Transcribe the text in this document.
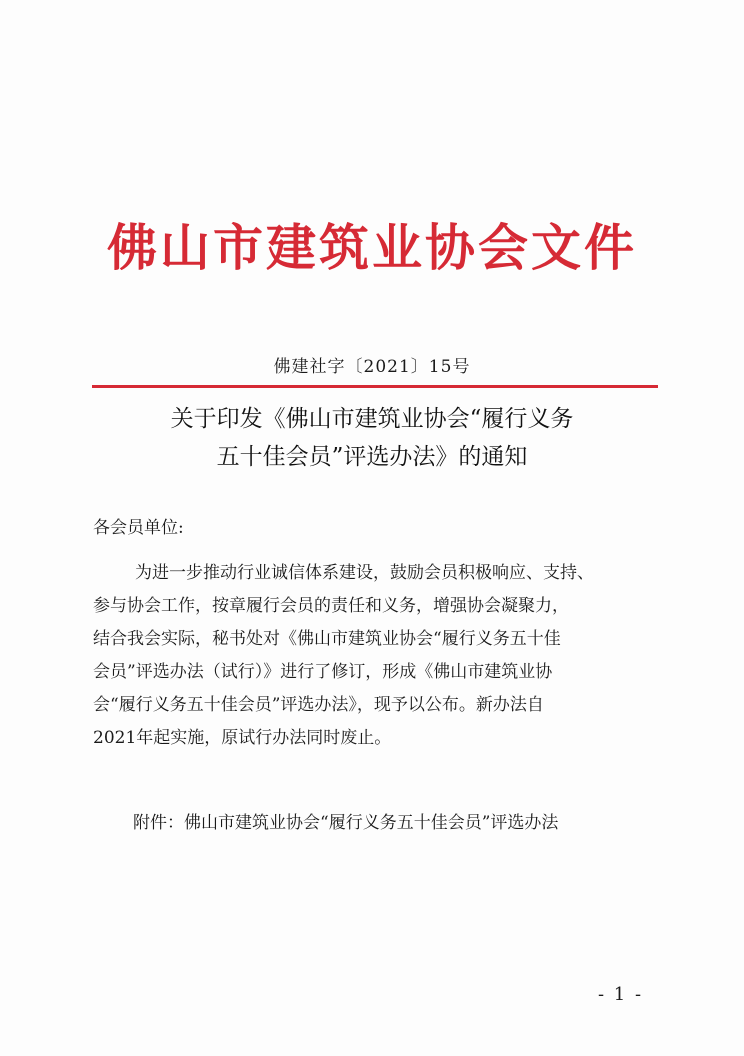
佛山市建筑业协会文件
佛建社字〔2021〕15号
关于印发《佛山市建筑业协会“履行义务
五十佳会员”评选办法》的通知
各会员单位:
为进一步推动行业诚信体系建设，鼓励会员积极响应、支持、
参与协会工作，按章履行会员的责任和义务，增强协会凝聚力，
结合我会实际，秘书处对《佛山市建筑业协会“履行义务五十佳
会员”评选办法（试行）》进行了修订，形成《佛山市建筑业协
会“履行义务五十佳会员”评选办法》，现予以公布。新办法自
2021年起实施，原试行办法同时废止。
附件：佛山市建筑业协会“履行义务五十佳会员”评选办法
- 1 -
